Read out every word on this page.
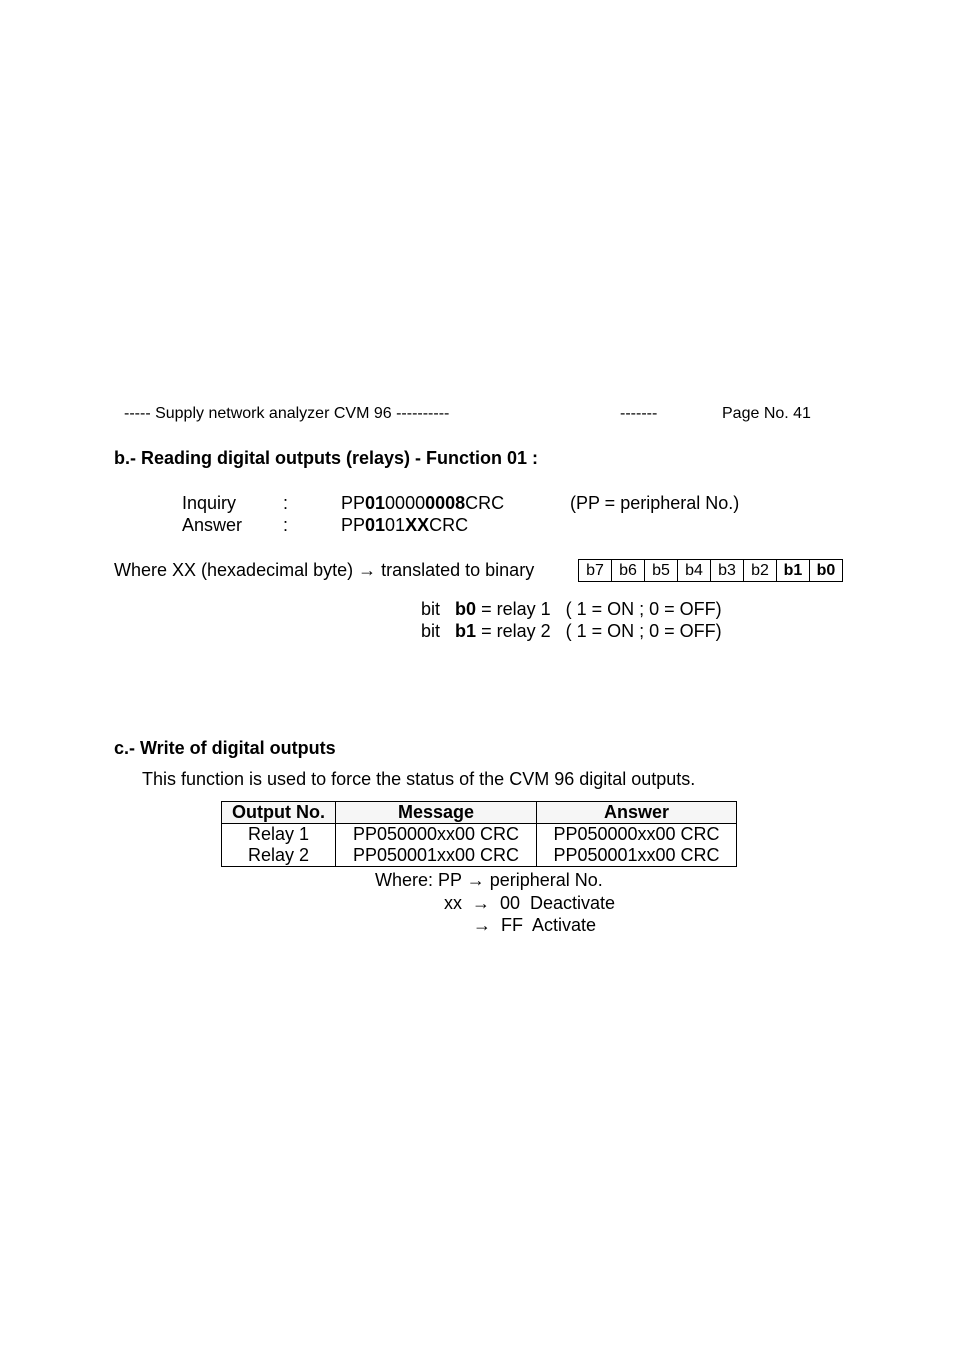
----- Supply network analyzer CVM 96 ----------	-------	Page No. 41
b.- Reading digital outputs (relays) - Function 01 :
Inquiry	:	PP0100000008CRC	(PP = peripheral No.)
Answer :	PP0101XXCRC
Where XX (hexadecimal byte) → translated to binary	b7	b6	b5	b4	b3	b2	b1	b0
bit b0 = relay 1   ( 1 = ON ; 0 = OFF)
bit b1 = relay 2   ( 1 = ON ; 0 = OFF)
c.- Write of digital outputs
This function is used to force the status of the CVM 96 digital outputs.
Output No.	Message	Answer
Relay 1	PP050000xx00 CRC	PP050000xx00 CRC
Relay 2	PP050001xx00 CRC	PP050001xx00 CRC
Where: PP → peripheral No.
xx  →  00  Deactivate
→  FF  Activate
